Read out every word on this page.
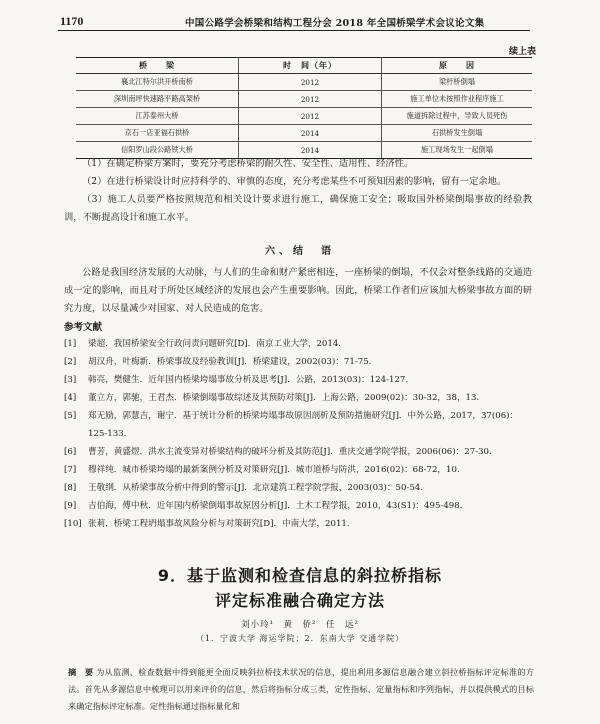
1170	中国公路学会桥梁和结构工程分会 2018 年全国桥梁学术会议论文集
续上表
桥　　梁	时　间（年）	原　　因
襄北江特尔洪开桥南桥	2012	梁杆桥倒塌
深圳南坪快速路平路高架桥	2012	施工单位未按照作业程序施工
江苏泰州大桥	2012	施道拆除过程中，导致人员死伤
京石一店亚福石拱桥	2014	石拱桥发生倒塌
信阳罗山段公路铁大桥	2014	施工现场发生一起倒塌

（1）在确定桥梁方案时，要充分考虑桥梁的耐久性、安全性、适用性、经济性。

（2）在进行桥梁设计时应持科学的、审慎的态度，充分考虑某些不可预知因素的影响，留有一定余地。

（3）施工人员要严格按照规范和相关设计要求进行施工，确保施工安全；吸取国外桥梁倒塌事故的经验教训，不断提高设计和施工水平。

六、结　语

公路是我国经济发展的大动脉，与人们的生命和财产紧密相连，一座桥梁的倒塌，不仅会对整条线路的交通造成一定的影响，而且对于所处区域经济的发展也会产生重要影响。因此，桥梁工作者们应该加大桥梁事故方面的研究力度，以尽量减少对国家、对人民造成的危害。

参考文献
[1]	梁超．我国桥梁安全行政问责问题研究[D]．南京工业大学，2014.
[2]	胡汉舟，叶梅新．桥梁事故及经验教训[J]．桥梁建设，2002(03)：71-75.
[3]	韩亮，樊健生．近年国内桥梁垮塌事故分析及思考[J]．公路，2013(03)：124-127.
[4]	董立方，郭驰，王君杰．桥梁倒塌事故综述及其预防对策[J]．上海公路，2009(02)：30-32，38，13.
[5]	郑无励，郭慧吉，谢宁．基于统计分析的桥梁垮塌事故原因剖析及预防措施研究[J]．中外公路，2017，37(06)：125-133.
[6]	曹芳，黄盛煜．洪水主流变异对桥梁结构的破坏分析及其防范[J]．重庆交通学院学报，2006(06)：27-30.
[7]	穆祥纯．城市桥梁垮塌的最新案例分析及对策研究[J]．城市道桥与防洪，2016(02)：68-72，10.
[8]	王敬纲．从桥梁事故分析中得到的警示[J]．北京建筑工程学院学报，2003(03)：50-54.
[9]	吉伯海，傅中秋．近年国内桥梁倒塌事故原因分析[J]．土木工程学报，2010，43(S1)：495-498.
[10] 张莉．桥梁工程坍塌事故风险分析与对策研究[D]．中南大学，2011.
9．基于监测和检查信息的斜拉桥指标
评定标准融合确定方法
刘小玲¹　黄　侨²　任　远²
（1．宁波大学 海运学院；2．东南大学 交通学院）
摘　要 为从监测、检查数据中得到能更全面反映斜拉桥技术状况的信息，提出利用多源信息融合建立斜拉桥指标评定标准的方法。首先从多源信息中梳理可以用来评价的信息，然后将指标分成三类，定性指标、定量指标和序列指标，并以提供模式的目标来确定指标评定标准。定性指标通过指标量化和
